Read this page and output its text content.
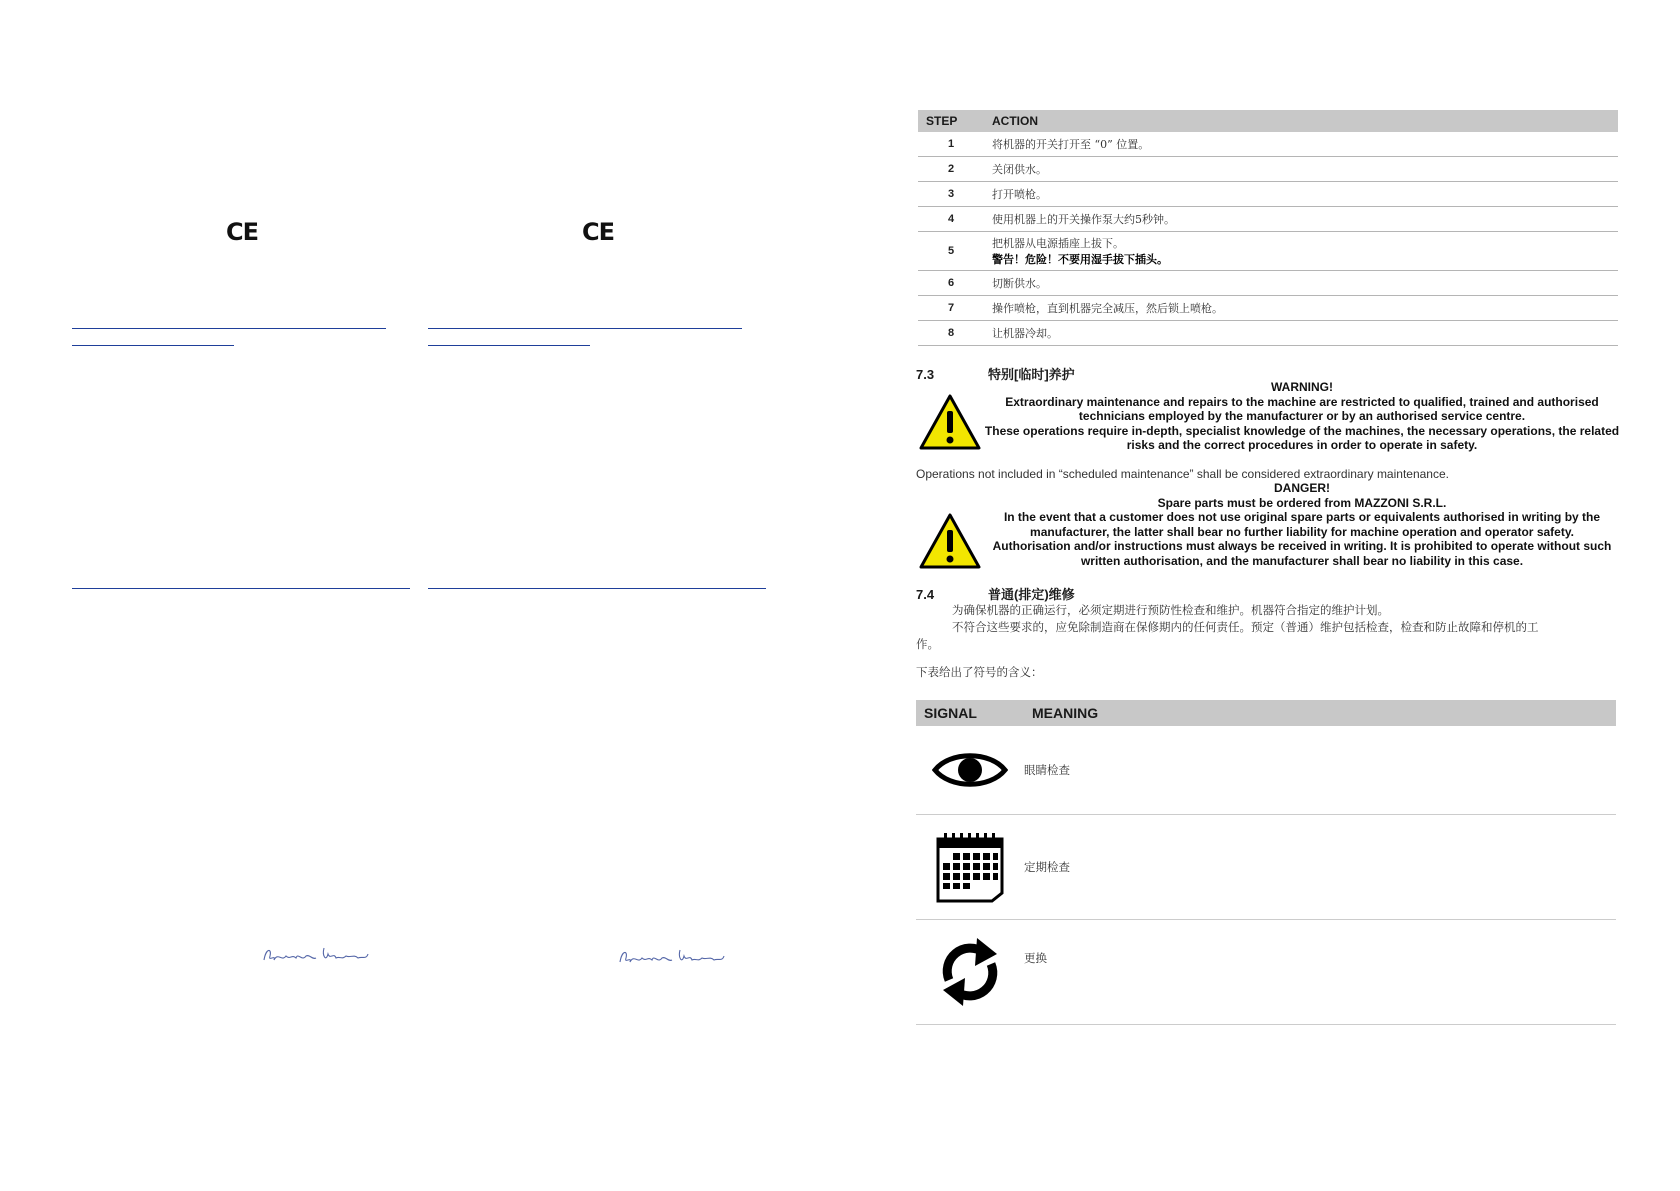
CE	CE
STEP	ACTION
1	将机器的开关打开至 “0” 位置。
2	关闭供水。
3	打开喷枪。
4	使用机器上的开关操作泵大约5秒钟。
5	把机器从电源插座上拔下。
警告！危险！不要用湿手拔下插头。

6	切断供水。
7	操作喷枪，直到机器完全减压，然后锁上喷枪。
8	让机器冷却。
7.3	特别[临时]养护
WARNING!
Extraordinary maintenance and repairs to the machine are restricted to qualified, trained and authorised technicians employed by the manufacturer or by an authorised service centre.
These operations require in-depth, specialist knowledge of the machines, the necessary operations, the related risks and the correct procedures in order to operate in safety.
Operations not included in “scheduled maintenance” shall be considered extraordinary maintenance.
DANGER!
Spare parts must be ordered from MAZZONI S.R.L.
In the event that a customer does not use original spare parts or equivalents authorised in writing by the manufacturer, the latter shall bear no further liability for machine operation and operator safety.
Authorisation and/or instructions must always be received in writing. It is prohibited to operate without such written authorisation, and the manufacturer shall bear no liability in this case.
7.4	普通(排定)维修
为确保机器的正确运行，必须定期进行预防性检查和维护。机器符合指定的维护计划。
不符合这些要求的，应免除制造商在保修期内的任何责任。预定（普通）维护包括检查，检查和防止故障和停机的工作。
下表给出了符号的含义：
SIGNAL	MEANING
眼睛检查
定期检查
更换
